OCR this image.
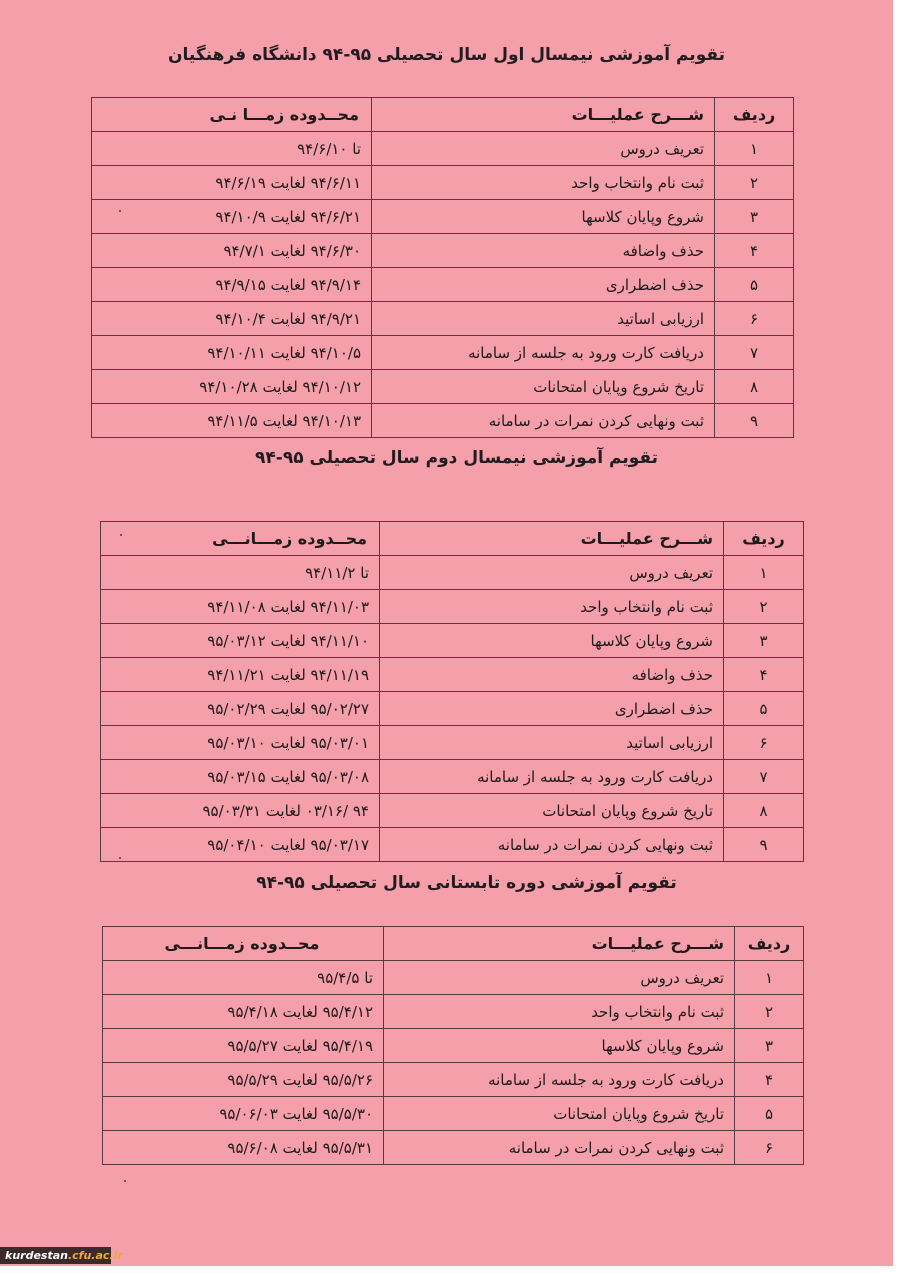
تقویم آموزشی نیمسال اول سال تحصیلی ۹۵-۹۴ دانشگاه فرهنگیان
ردیف	شـــرح عملیـــات	محــدوده زمـــا نـی
۱	تعریف دروس	تا ۹۴/۶/۱۰
۲	ثبت نام وانتخاب واحد	۹۴/۶/۱۱ لغایت ۹۴/۶/۱۹
۳	شروع وپایان کلاسها	۹۴/۶/۲۱ لغایت ۹۴/۱۰/۹
۴	حذف واضافه	۹۴/۶/۳۰ لغایت ۹۴/۷/۱
۵	حذف اضطراری	۹۴/۹/۱۴ لغایت ۹۴/۹/۱۵
۶	ارزیابی اساتید	۹۴/۹/۲۱ لغایت ۹۴/۱۰/۴
۷	دریافت کارت ورود به جلسه از سامانه	۹۴/۱۰/۵ لغایت ۹۴/۱۰/۱۱
۸	تاریخ شروع وپایان امتحانات	۹۴/۱۰/۱۲ لغایت ۹۴/۱۰/۲۸
۹	ثبت ونهایی کردن نمرات در سامانه	۹۴/۱۰/۱۳ لغایت ۹۴/۱۱/۵
تقویم آموزشی نیمسال دوم سال تحصیلی ۹۵-۹۴
ردیف	شـــرح عملیـــات	محــدوده زمـــانـــی
۱	تعریف دروس	تا ۹۴/۱۱/۲
۲	ثبت نام وانتخاب واحد	۹۴/۱۱/۰۳ لغایت ۹۴/۱۱/۰۸
۳	شروع وپایان کلاسها	۹۴/۱۱/۱۰ لغایت ۹۵/۰۳/۱۲
۴	حذف واضافه	۹۴/۱۱/۱۹ لغایت ۹۴/۱۱/۲۱
۵	حذف اضطراری	۹۵/۰۲/۲۷ لغایت ۹۵/۰۲/۲۹
۶	ارزیابی اساتید	۹۵/۰۳/۰۱ لغایت ۹۵/۰۳/۱۰
۷	دریافت کارت ورود به جلسه از سامانه	۹۵/۰۳/۰۸ لغایت ۹۵/۰۳/۱۵
۸	تاریخ شروع وپایان امتحانات	۹۴ /۰۳/۱۶ لغایت ۹۵/۰۳/۳۱
۹	ثبت ونهایی کردن نمرات در سامانه	۹۵/۰۳/۱۷ لغایت ۹۵/۰۴/۱۰
تقویم آموزشی دوره تابستانی سال تحصیلی ۹۵-۹۴
ردیف	شـــرح عملیـــات	محــدوده زمـــانـــی
۱	تعریف دروس	تا ۹۵/۴/۵
۲	ثبت نام وانتخاب واحد	۹۵/۴/۱۲ لغایت ۹۵/۴/۱۸
۳	شروع وپایان کلاسها	۹۵/۴/۱۹ لغایت ۹۵/۵/۲۷
۴	دریافت کارت ورود به جلسه از سامانه	۹۵/۵/۲۶ لغایت ۹۵/۵/۲۹
۵	تاریخ شروع وپایان امتحانات	۹۵/۵/۳۰ لغایت ۹۵/۰۶/۰۳
۶	ثبت ونهایی کردن نمرات در سامانه	۹۵/۵/۳۱ لغایت ۹۵/۶/۰۸
kurdestan.cfu.ac.ir
